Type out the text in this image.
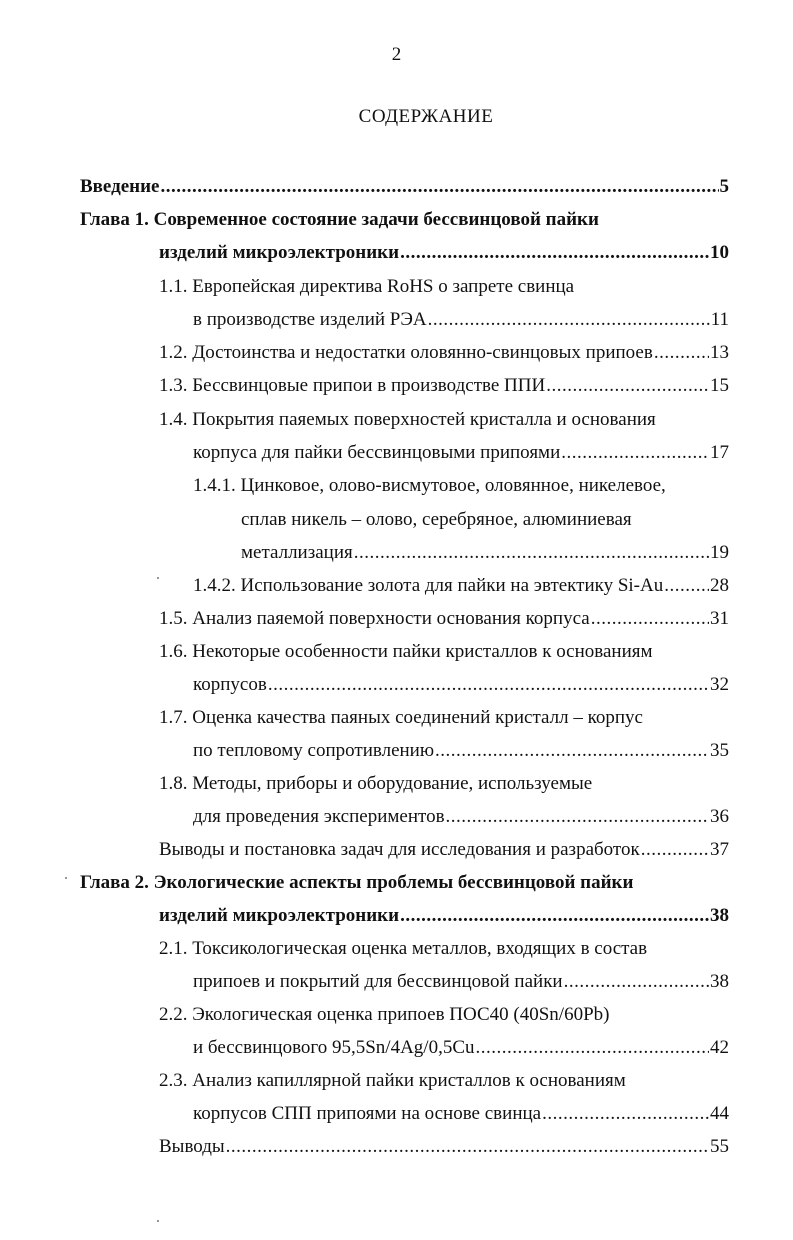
2
СОДЕРЖАНИЕ
Введение .....	5
Глава 1. Современное состояние задачи бессвинцовой пайки
изделий микроэлектроники .....	10
1.1. Европейская директива RoHS о запрете свинца
в производстве изделий РЭА .....	11
1.2. Достоинства и недостатки оловянно-свинцовых припоев .....	13
1.3. Бессвинцовые припои в производстве ППИ .....	15
1.4. Покрытия паяемых поверхностей кристалла и основания
корпуса для пайки бессвинцовыми припоями .....	17
1.4.1. Цинковое, олово-висмутовое, оловянное, никелевое,
сплав никель – олово, серебряное, алюминиевая
металлизация .....	19
1.4.2. Использование золота для пайки на эвтектику Si-Au ..... 28
1.5. Анализ паяемой поверхности основания корпуса .....	31
1.6. Некоторые особенности пайки кристаллов к основаниям
корпусов .....	32
1.7. Оценка качества паяных соединений кристалл – корпус
по тепловому сопротивлению .....	35
1.8. Методы, приборы и оборудование, используемые
для проведения экспериментов .....	36
Выводы и постановка задач для исследования и разработок .....	37
Глава 2. Экологические аспекты проблемы бессвинцовой пайки
изделий микроэлектроники .....	38
2.1. Токсикологическая оценка металлов, входящих в состав
припоев и покрытий для бессвинцовой пайки .....	38
2.2. Экологическая оценка припоев ПОС40 (40Sn/60Pb)
и бессвинцового 95,5Sn/4Ag/0,5Cu .....	42
2.3. Анализ капиллярной пайки кристаллов к основаниям
корпусов СПП припоями на основе свинца .....	44
Выводы .....	55
